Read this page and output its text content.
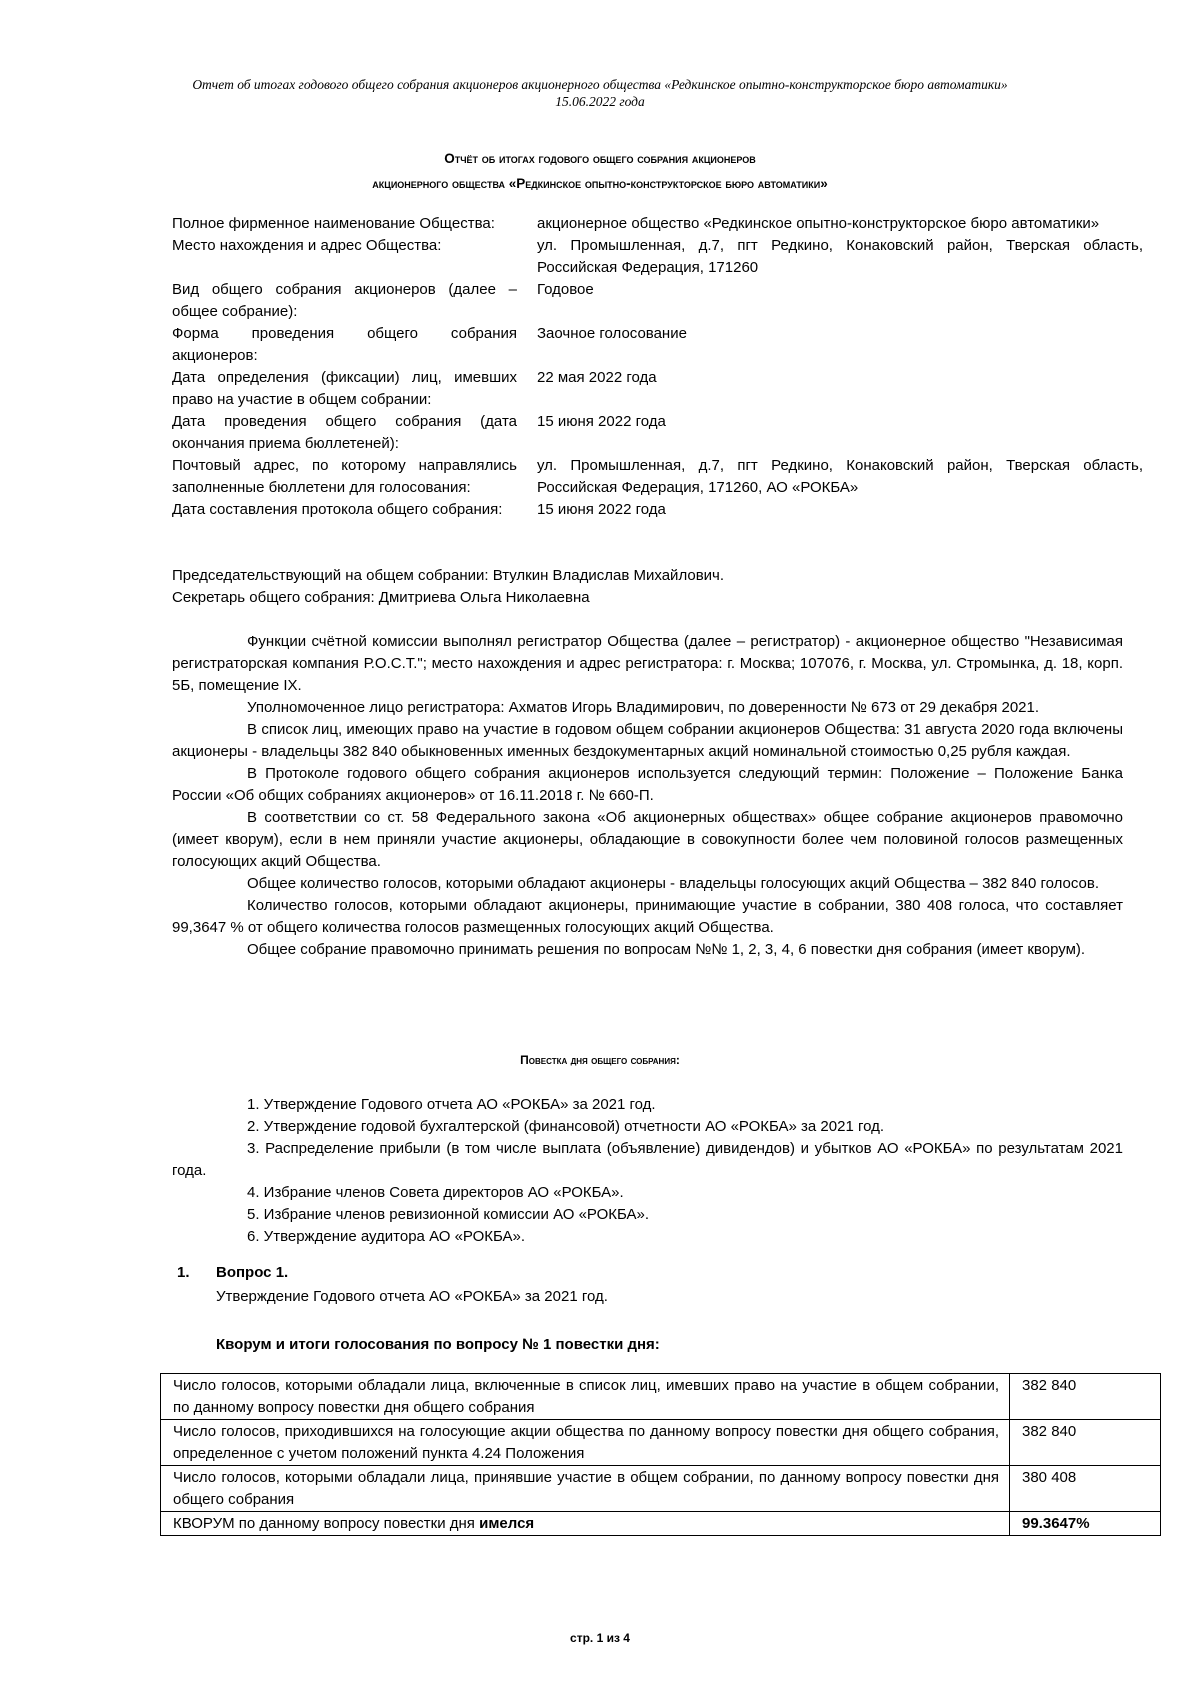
Отчет об итогах годового общего собрания акционеров акционерного общества «Редкинское опытно-конструкторское бюро автоматики»
15.06.2022 года
Отчёт об итогах годового общего собрания акционеров
акционерного общества «Редкинское опытно-конструкторское бюро автоматики»
Полное фирменное наименование Общества:	акционерное общество «Редкинское опытно-конструкторское бюро автоматики»
Место нахождения и адрес Общества:	ул. Промышленная, д.7, пгт Редкино, Конаковский район, Тверская область, Российская Федерация, 171260
Вид общего собрания акционеров (далее – общее собрание):	Годовое
Форма проведения общего собрания акционеров:	Заочное голосование
Дата определения (фиксации) лиц, имевших право на участие в общем собрании:	22 мая 2022 года
Дата проведения общего собрания (дата окончания приема бюллетеней):	15 июня 2022 года
Почтовый адрес, по которому направлялись заполненные бюллетени для голосования:	ул. Промышленная, д.7, пгт Редкино, Конаковский район, Тверская область, Российская Федерация, 171260, АО «РОКБА»
Дата составления протокола общего собрания:	15 июня 2022 года
Председательствующий на общем собрании: Втулкин Владислав Михайлович.
Секретарь общего собрания: Дмитриева Ольга Николаевна

Функции счётной комиссии выполнял регистратор Общества (далее – регистратор) - акционерное общество "Независимая регистраторская компания Р.О.С.Т."; место нахождения и адрес регистратора: г. Москва; 107076, г. Москва, ул. Стромынка, д. 18, корп. 5Б, помещение IX.

Уполномоченное лицо регистратора: Ахматов Игорь Владимирович, по доверенности № 673 от 29 декабря 2021.

В список лиц, имеющих право на участие в годовом общем собрании акционеров Общества: 31 августа 2020 года включены акционеры - владельцы 382 840 обыкновенных именных бездокументарных акций номинальной стоимостью 0,25 рубля каждая.

В Протоколе годового общего собрания акционеров используется следующий термин: Положение – Положение Банка России «Об общих собраниях акционеров» от 16.11.2018 г. № 660-П.

В соответствии со ст. 58 Федерального закона «Об акционерных обществах» общее собрание акционеров правомочно (имеет кворум), если в нем приняли участие акционеры, обладающие в совокупности более чем половиной голосов размещенных голосующих акций Общества.

Общее количество голосов, которыми обладают акционеры - владельцы голосующих акций Общества – 382 840 голосов.

Количество голосов, которыми обладают акционеры, принимающие участие в собрании, 380 408 голоса, что составляет 99,3647 % от общего количества голосов размещенных голосующих акций Общества.

Общее собрание правомочно принимать решения по вопросам №№ 1, 2, 3, 4, 6 повестки дня собрания (имеет кворум).

Повестка дня общего собрания:

1. Утверждение Годового отчета АО «РОКБА» за 2021 год.

2. Утверждение годовой бухгалтерской (финансовой) отчетности АО «РОКБА» за 2021 год.

3. Распределение прибыли (в том числе выплата (объявление) дивидендов) и убытков АО «РОКБА» по результатам 2021 года.

4. Избрание членов Совета директоров АО «РОКБА».

5. Избрание членов ревизионной комиссии АО «РОКБА».

6. Утверждение аудитора АО «РОКБА».

1. Вопрос 1.
Утверждение Годового отчета АО «РОКБА» за 2021 год.
Кворум и итоги голосования по вопросу № 1 повестки дня:
Число голосов, которыми обладали лица, включенные в список лиц, имевших право на участие в общем собрании, по данному вопросу повестки дня общего собрания	382 840
Число голосов, приходившихся на голосующие акции общества по данному вопросу повестки дня общего собрания, определенное с учетом положений пункта 4.24 Положения	382 840
Число голосов, которыми обладали лица, принявшие участие в общем собрании, по данному вопросу повестки дня общего собрания	380 408
КВОРУМ по данному вопросу повестки дня имелся	99.3647%
стр. 1 из 4
